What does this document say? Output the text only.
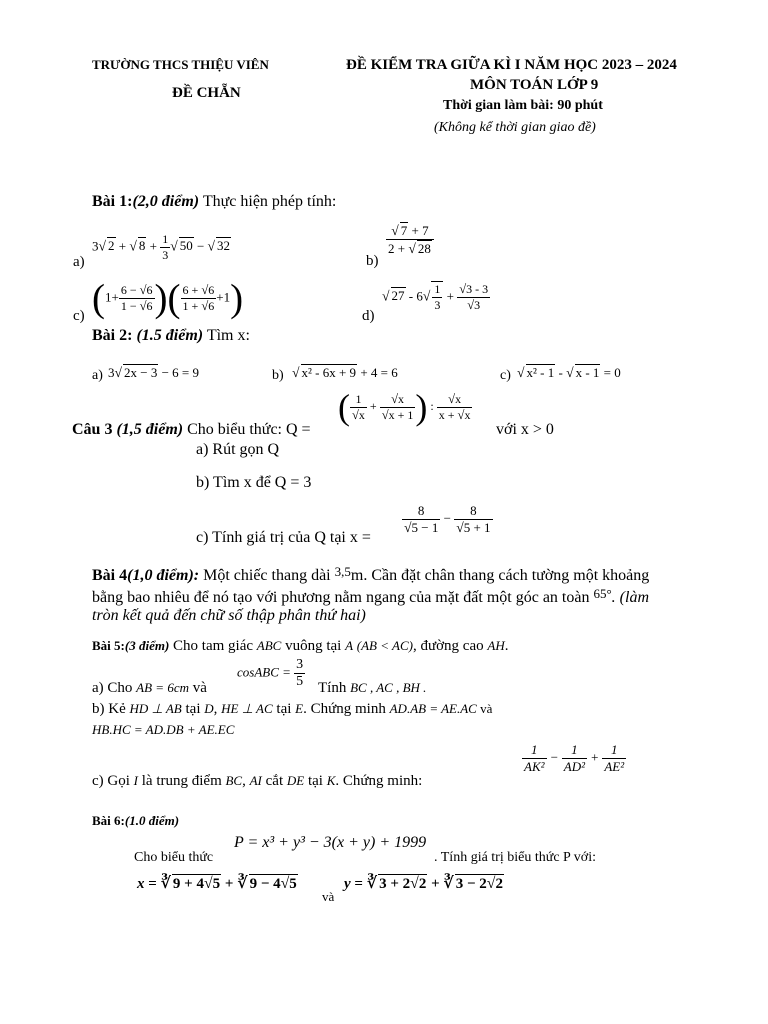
TRƯỜNG THCS THIỆU VIÊN
ĐỀ CHẴN
ĐỀ KIỂM TRA GIỮA KÌ I NĂM HỌC 2023 – 2024
MÔN TOÁN LỚP 9
Thời gian làm bài: 90 phút
(Không kể thời gian giao đề)
Bài 1:(2,0 điểm) Thực hiện phép tính:
a)
3√ 2 + √ $8 + \frac{1}{3}$ √ 50 − √ 32
b)
$\frac{√ 7 + 7}{2 + √ 28}$
c) ($1+ \frac{6 - √6}{1 - √6}$ )( $\frac{6 + √6}{1 + √6} +1$)	d)
√ $27 - 6√ \frac{1}{3} + \frac{√3 - 3}{√3}$
Bài 2: (1.5 điểm) Tìm x:
a) 3√ 2x − 3 − 6 = 9	b) √ x² - 6x + 9 + 4 = 6	c) √ x² - 1 - √ x - 1 = 0
Câu 3 (1,5 điểm) Cho biểu thức: Q =
( $\frac{1}{√x} + \frac{√x}{√x + 1}$ ) : $\frac{√x}{x + √x}$
với x > 0
a) Rút gọn Q
b) Tìm x để Q = 3
c) Tính giá trị của Q tại x =
$\frac{8}{√5 - 1} - \frac{8}{√5 + 1}$
Bài 4(1,0 điểm): Một chiếc thang dài $^{3,5}$m. Cần đặt chân thang cách tường một khoảng
bằng bao nhiêu để nó tạo với phương nằm ngang của mặt đất một góc an toàn $^{65^\circ}$. (làm
tròn kết quả đến chữ số thập phân thứ hai)
Bài 5:(3 điểm) Cho tam giác ABC vuông tại A (AB < AC), đường cao AH.
a) Cho AB = 6cm và
cosABC = $\frac{3}{5}$ Tính BC , AC , BH .
b) Kẻ HD ⊥ AB tại D, HE ⊥ AC tại E. Chứng minh AD.AB = AE.AC và
HB.HC = AD.DB + AE.EC
c) Gọi I là trung điểm BC, AI cắt DE tại K. Chứng minh:
$\frac{1}{\text{AK²}} - \frac{1}{\text{AD²}} + \frac{1}{\text{AE²}}$
Bài 6:(1.0 điểm)
Cho biểu thức
P = x³ + y³ − 3(x + y) + 1999
. Tính giá trị biểu thức P với:
x = ∛ 9 + 4√5 + ∛ 9 − 4√5
và
y = ∛ 3 + 2√2 + ∛ 3 − 2√2
